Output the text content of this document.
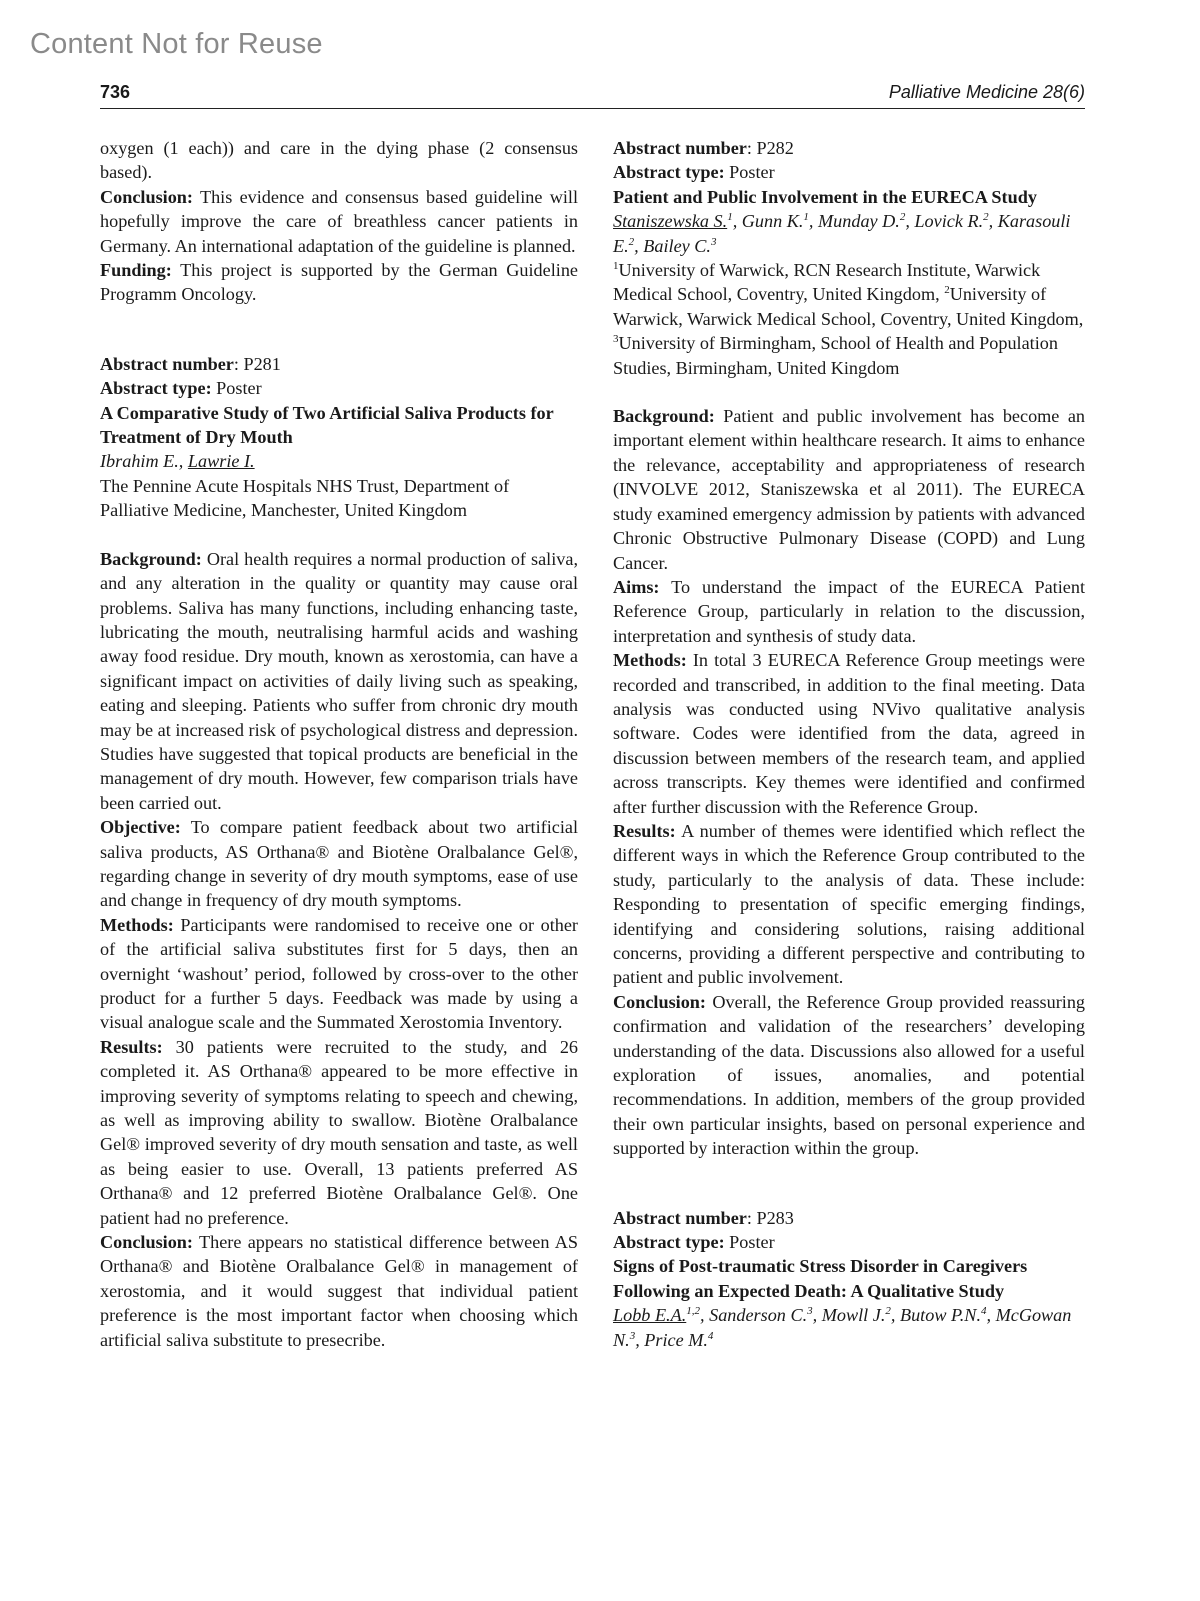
Content Not for Reuse
736	Palliative Medicine 28(6)

oxygen (1 each)) and care in the dying phase (2 consensus based).

Conclusion: This evidence and consensus based guideline will hopefully improve the care of breathless cancer patients in Germany. An international adaptation of the guideline is planned.

Funding: This project is supported by the German Guideline Programm Oncology.

Abstract number: P281

Abstract type: Poster

A Comparative Study of Two Artificial Saliva Products for Treatment of Dry Mouth

Ibrahim E., Lawrie I.

The Pennine Acute Hospitals NHS Trust, Department of Palliative Medicine, Manchester, United Kingdom

Background: Oral health requires a normal production of saliva, and any alteration in the quality or quantity may cause oral problems. Saliva has many functions, including enhancing taste, lubricating the mouth, neutralising harmful acids and washing away food residue. Dry mouth, known as xerostomia, can have a significant impact on activities of daily living such as speaking, eating and sleeping. Patients who suffer from chronic dry mouth may be at increased risk of psychological distress and depression. Studies have suggested that topical products are beneficial in the management of dry mouth. However, few comparison trials have been carried out.

Objective: To compare patient feedback about two artificial saliva products, AS Orthana® and Biotène Oralbalance Gel®, regarding change in severity of dry mouth symptoms, ease of use and change in frequency of dry mouth symptoms.

Methods: Participants were randomised to receive one or other of the artificial saliva substitutes first for 5 days, then an overnight ‘washout’ period, followed by cross-over to the other product for a further 5 days. Feedback was made by using a visual analogue scale and the Summated Xerostomia Inventory.

Results: 30 patients were recruited to the study, and 26 completed it. AS Orthana® appeared to be more effective in improving severity of symptoms relating to speech and chewing, as well as improving ability to swallow. Biotène Oralbalance Gel® improved severity of dry mouth sensation and taste, as well as being easier to use. Overall, 13 patients preferred AS Orthana® and 12 preferred Biotène Oralbalance Gel®. One patient had no preference.

Conclusion: There appears no statistical difference between AS Orthana® and Biotène Oralbalance Gel® in management of xerostomia, and it would suggest that individual patient preference is the most important factor when choosing which artificial saliva substitute to presecribe.

Abstract number: P282

Abstract type: Poster

Patient and Public Involvement in the EURECA Study

Staniszewska S.$^1$, Gunn K.$^1$, Munday D.$^2$, Lovick R.$^2$, Karasouli E.$^2$, Bailey C.$^3$

$^1$University of Warwick, RCN Research Institute, Warwick Medical School, Coventry, United Kingdom, $^2$University of Warwick, Warwick Medical School, Coventry, United Kingdom, $^3$University of Birmingham, School of Health and Population Studies, Birmingham, United Kingdom

Background: Patient and public involvement has become an important element within healthcare research. It aims to enhance the relevance, acceptability and appropriateness of research (INVOLVE 2012, Staniszewska et al 2011). The EURECA study examined emergency admission by patients with advanced Chronic Obstructive Pulmonary Disease (COPD) and Lung Cancer.

Aims: To understand the impact of the EURECA Patient Reference Group, particularly in relation to the discussion, interpretation and synthesis of study data.

Methods: In total 3 EURECA Reference Group meetings were recorded and transcribed, in addition to the final meeting. Data analysis was conducted using NVivo qualitative analysis software. Codes were identified from the data, agreed in discussion between members of the research team, and applied across transcripts. Key themes were identified and confirmed after further discussion with the Reference Group.

Results: A number of themes were identified which reflect the different ways in which the Reference Group contributed to the study, particularly to the analysis of data. These include: Responding to presentation of specific emerging findings, identifying and considering solutions, raising additional concerns, providing a different perspective and contributing to patient and public involvement.

Conclusion: Overall, the Reference Group provided reassuring confirmation and validation of the researchers’ developing understanding of the data. Discussions also allowed for a useful exploration of issues, anomalies, and potential recommendations. In addition, members of the group provided their own particular insights, based on personal experience and supported by interaction within the group.

Abstract number: P283

Abstract type: Poster

Signs of Post-traumatic Stress Disorder in Caregivers Following an Expected Death: A Qualitative Study

Lobb E.A.$^{1,2}$, Sanderson C.$^3$, Mowll J.$^2$, Butow P.N.$^4$, McGowan N.$^3$, Price M.$^4$
